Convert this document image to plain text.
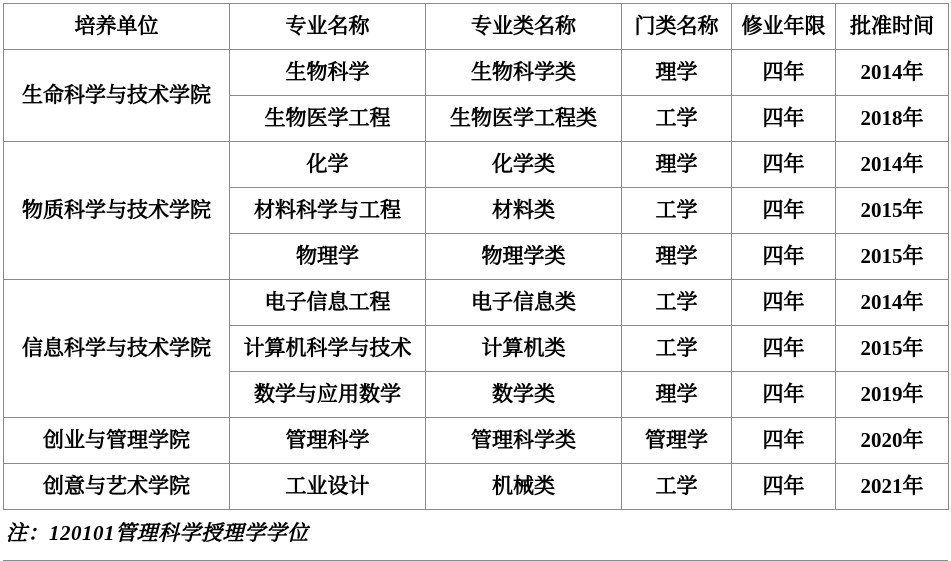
培养单位	专业名称	专业类名称	门类名称	修业年限	批准时间
生命科学与技术学院	生物科学	生物科学类	理学	四年	2014年
	生物医学工程	生物医学工程类	工学	四年	2018年
物质科学与技术学院	化学	化学类	理学	四年	2014年
	材料科学与工程	材料类	工学	四年	2015年
	物理学	物理学类	理学	四年	2015年
信息科学与技术学院	电子信息工程	电子信息类	工学	四年	2014年
	计算机科学与技术	计算机类	工学	四年	2015年
	数学与应用数学	数学类	理学	四年	2019年
创业与管理学院	管理科学	管理科学类	管理学	四年	2020年
创意与艺术学院	工业设计	机械类	工学	四年	2021年
注：120101管理科学授理学学位
